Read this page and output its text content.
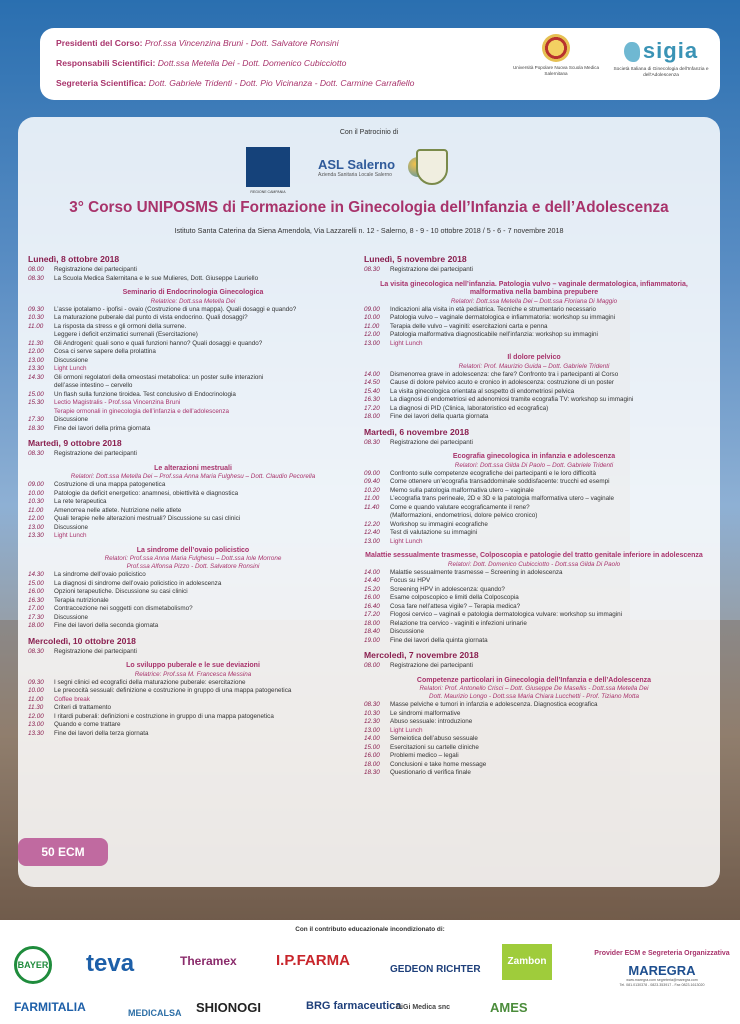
Presidenti del Corso: Prof.ssa Vincenzina Bruni - Dott. Salvatore Ronsini
Responsabili Scientifici: Dott.ssa Metella Dei - Dott. Domenico Cubicciotto
Segreteria Scientifica: Dott. Gabriele Tridenti - Dott. Pio Vicinanza - Dott. Carmine Carrafiello
Università Popolare Nuova Scuola Medica Salernitana
sigia
Società Italiana di Ginecologia dell'Infanzia e dell'Adolescenza
Con il Patrocinio di
REGIONE CAMPANIA
ASL Salerno
Azienda Sanitaria Locale Salerno
3° Corso UNIPOSMS di Formazione in Ginecologia dell’Infanzia e dell’Adolescenza
Istituto Santa Caterina da Siena Amendola, Via Lazzarelli n. 12 - Salerno, 8 - 9 - 10 ottobre 2018 / 5 - 6 - 7 novembre 2018
Lunedì, 8 ottobre 2018
08.00	Registrazione dei partecipanti
08.30	La Scuola Medica Salernitana e le sue Mulieres, Dott. Giuseppe Lauriello
Seminario di Endocrinologia Ginecologica
Relatrice: Dott.ssa Metella Dei
09.30	L’asse ipotalamo - ipofisi - ovaio (Costruzione di una mappa). Quali dosaggi e quando?
10.30	La maturazione puberale dal punto di vista endocrino. Quali dosaggi?
11.00	La risposta da stress e gli ormoni della surrene.
Leggere i deficit enzimatici surrenali (Esercitazione)
11.30	Gli Androgeni: quali sono e quali funzioni hanno? Quali dosaggi e quando?
12.00	Cosa ci serve sapere della prolattina
13.00	Discussione
13.30	Light Lunch
14.30	Gli ormoni regolatori della omeostasi metabolica: un poster sulle interazioni
dell’asse intestino – cervello
15.00	Un flash sulla funzione tiroidea. Test conclusivo di Endocrinologia
15.30	Lectio Magistralis - Prof.ssa Vincenzina Bruni
Terapie ormonali in ginecologia dell’infanzia e dell’adolescenza
17.30	Discussione
18.30	Fine dei lavori della prima giornata
Martedì, 9 ottobre 2018
08.30	Registrazione dei partecipanti
Le alterazioni mestruali
Relatori: Dott.ssa Metella Dei – Prof.ssa Anna Maria Fulghesu – Dott. Claudio Pecorella
09.00	Costruzione di una mappa patogenetica
10.00	Patologie da deficit energetico: anamnesi, obiettività e diagnostica
10.30	La rete terapeutica
11.00	Amenorrea nelle atlete. Nutrizione nelle atlete
12.00	Quali terapie nelle alterazioni mestruali? Discussione su casi clinici
13.00	Discussione
13.30	Light Lunch
La sindrome dell’ovaio policistico
Relatori: Prof.ssa Anna Maria Fulghesu – Dott.ssa Iole Morrone
Prof.ssa Alfonsa Pizzo - Dott. Salvatore Ronsini
14.30	La sindrome dell’ovaio policistico
15.00	La diagnosi di sindrome dell’ovaio policistico in adolescenza
16.00	Opzioni terapeutiche. Discussione su casi clinici
16.30	Terapia nutrizionale
17.00	Contraccezione nei soggetti con dismetabolismo?
17.30	Discussione
18.00	Fine dei lavori della seconda giornata
Mercoledì, 10 ottobre 2018
08.30	Registrazione dei partecipanti
Lo sviluppo puberale e le sue deviazioni
Relatrice: Prof.ssa M. Francesca Messina
09.30	I segni clinici ed ecografici della maturazione puberale: esercitazione
10.00	Le precocità sessuali: definizione e costruzione in gruppo di una mappa patogenetica
11.00	Coffee break
11.30	Criteri di trattamento
12.00	I ritardi puberali: definizioni e costruzione in gruppo di una mappa patogenetica
13.00	Quando e come trattare
13.30	Fine dei lavori della terza giornata
Lunedì, 5 novembre 2018
08.30	Registrazione dei partecipanti
La visita ginecologica nell’infanzia. Patologia vulvo – vaginale dermatologica, infiammatoria, malformativa nella bambina prepubere
Relatori: Dott.ssa Metella Dei – Dott.ssa Floriana Di Maggio
09.00	Indicazioni alla visita in età pediatrica. Tecniche e strumentario necessario
10.00	Patologia vulvo – vaginale dermatologica e infiammatoria: workshop su immagini
11.00	Terapia delle vulvo – vaginiti: esercitazioni carta e penna
12.00	Patologia malformativa diagnosticabile nell’infanzia: workshop su immagini
13.00	Light Lunch
Il dolore pelvico
Relatori: Prof. Maurizio Guida – Dott. Gabriele Tridenti
14.00	Dismenorrea grave in adolescenza: che fare? Confronto tra i partecipanti al Corso
14.50	Cause di dolore pelvico acuto e cronico in adolescenza: costruzione di un poster
15.40	La visita ginecologica orientata al sospetto di endometriosi pelvica
16.30	La diagnosi di endometriosi ed adenomiosi tramite ecografia TV: workshop su immagini
17.20	La diagnosi di PID (Clinica, laboratoristico ed ecografica)
18.00	Fine dei lavori della quarta giornata
Martedì, 6 novembre 2018
08.30	Registrazione dei partecipanti
Ecografia ginecologica in infanzia e adolescenza
Relatori: Dott.ssa Gilda Di Paolo – Dott. Gabriele Tridenti
09.00	Confronto sulle competenze ecografiche dei partecipanti e le loro difficoltà
09.40	Come ottenere un’ecografia transaddominale soddisfacente: trucchi ed esempi
10.20	Memo sulla patologia malformativa utero – vaginale
11.00	L’ecografia trans perineale, 2D e 3D e la patologia malformativa utero – vaginale
11.40	Come e quando valutare ecograficamente il rene?
(Malformazioni, endometriosi, dolore pelvico cronico)
12.20	Workshop su immagini ecografiche
12.40	Test di valutazione su immagini
13.00	Light Lunch
Malattie sessualmente trasmesse, Colposcopia e patologie del tratto genitale inferiore in adolescenza
Relatori: Dott. Domenico Cubicciotto - Dott.ssa Gilda Di Paolo
14.00	Malattie sessualmente trasmesse – Screening in adolescenza
14.40	Focus su HPV
15.20	Screening HPV in adolescenza: quando?
16.00	Esame colposcopico e limiti della Colposcopia
16.40	Cosa fare nell’attesa vigile? – Terapia medica?
17.20	Flogosi cervico – vaginali e patologia dermatologica vulvare: workshop su immagini
18.00	Relazione tra cervico - vaginiti e infezioni urinarie
18.40	Discussione
19.00	Fine dei lavori della quinta giornata
Mercoledì, 7 novembre 2018
08.00	Registrazione dei partecipanti
Competenze particolari in Ginecologia dell’Infanzia e dell’Adolescenza
Relatori: Prof. Antonello Crisci – Dott. Giuseppe De Masellis - Dott.ssa Metella Dei
Dott. Maurizio Longo - Dott.ssa Maria Chiara Lucchetti - Prof. Tiziano Motta
08.30	Masse pelviche e tumori in infanzia e adolescenza. Diagnostica ecografica
10.30	Le sindromi malformative
12.30	Abuso sessuale: introduzione
13.00	Light Lunch
14.00	Semeiotica dell’abuso sessuale
15.00	Esercitazioni su cartelle cliniche
16.00	Problemi medico – legali
18.00	Conclusioni e take home message
18.30	Questionario di verifica finale
50 ECM
Con il contributo educazionale incondizionato di:
BAYER teva	Theramex	I.P.FARMA
GEDEON RICHTER
Zambon
FARMITALIA	MEDICALSA SHIONOGI	BRG farmaceutica
DiGi Medica snc	AMES
Provider ECM e Segreteria Organizzativa
MAREGRA
www.maregra.com segreteria@maregra.com
Tel. 081.0130378 - 0823.353917 - Fax 0823.1613020
